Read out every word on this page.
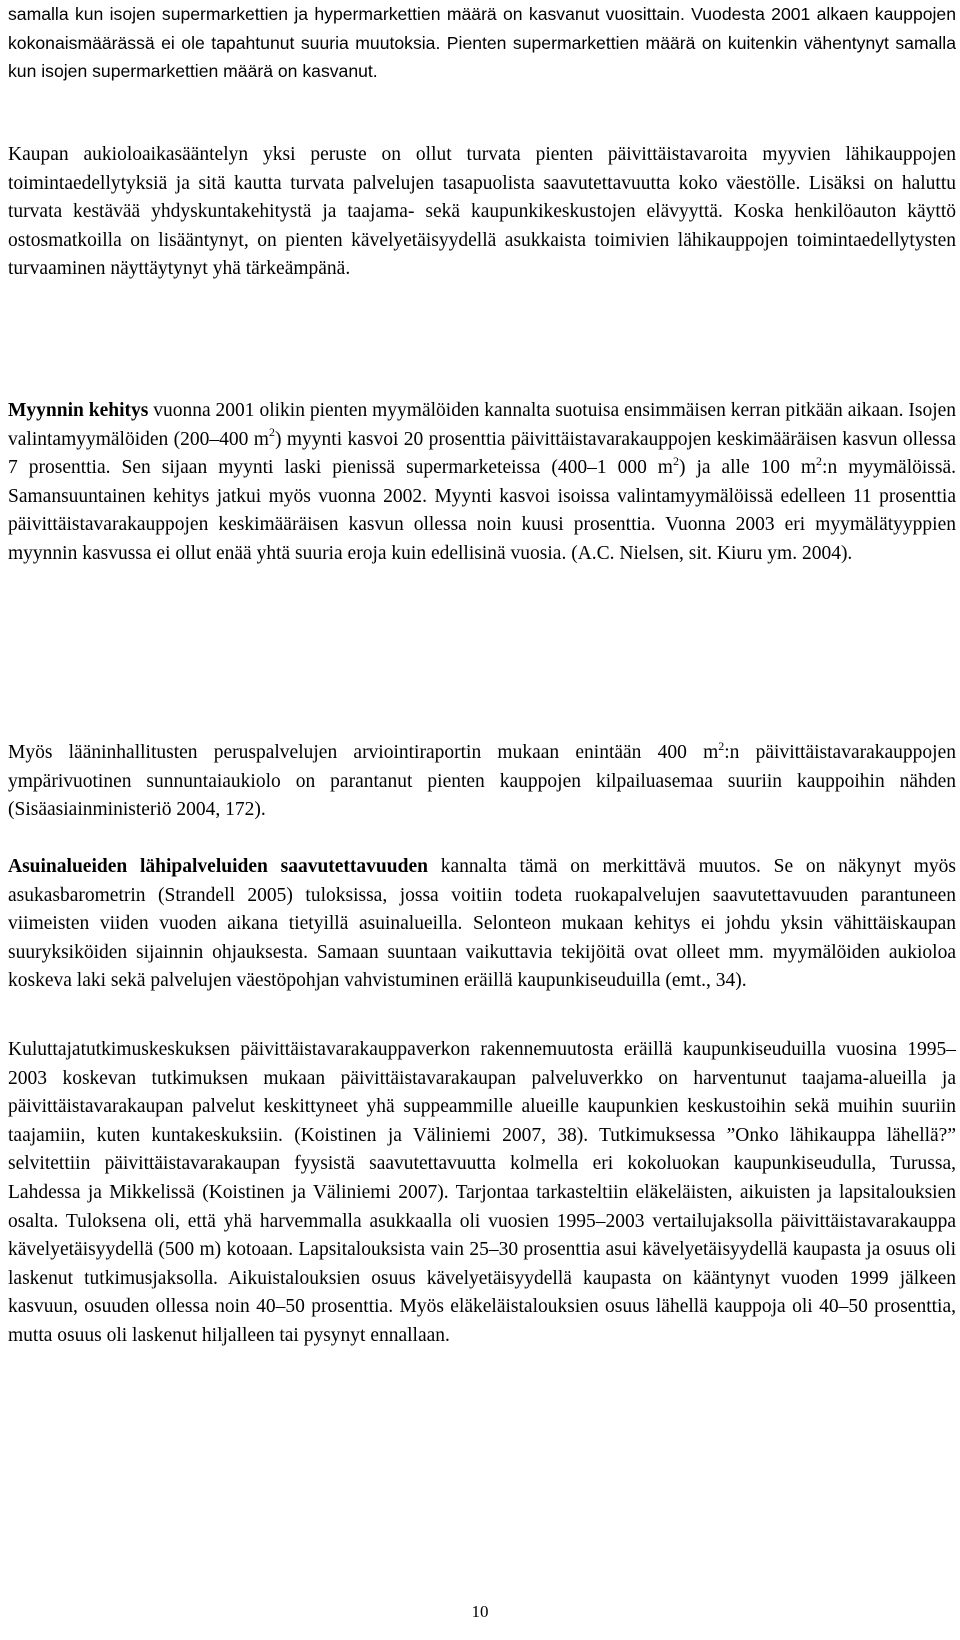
samalla kun isojen supermarkettien ja hypermarkettien määrä on kasvanut vuosittain. Vuodesta 2001 alkaen kauppojen kokonaismäärässä ei ole tapahtunut suuria muutoksia. Pienten supermarkettien määrä on kuitenkin vähentynyt samalla kun isojen supermarkettien määrä on kasvanut.

Kaupan aukioloaikasääntelyn yksi peruste on ollut turvata pienten päivittäistavaroita myyvien lähikauppojen toimintaedellytyksiä ja sitä kautta turvata palvelujen tasapuolista saavutettavuutta koko väestölle. Lisäksi on haluttu turvata kestävää yhdyskuntakehitystä ja taajama- sekä kaupunkikeskustojen elävyyttä. Koska henkilöauton käyttö ostosmatkoilla on lisääntynyt, on pienten kävelyetäisyydellä asukkaista toimivien lähikauppojen toimintaedellytysten turvaaminen näyttäytynyt yhä tärkeämpänä.

Myynnin kehitys vuonna 2001 olikin pienten myymälöiden kannalta suotuisa ensimmäisen kerran pitkään aikaan. Isojen valintamyymälöiden (200–400 $m^2$) myynti kasvoi 20 prosenttia päivittäistavarakauppojen keskimääräisen kasvun ollessa 7 prosenttia. Sen sijaan myynti laski pienissä supermarketeissa (400–1 000 $m^2$) ja alle 100 $m^2:n$ myymälöissä. Samansuuntainen kehitys jatkui myös vuonna 2002. Myynti kasvoi isoissa valintamyymälöissä edelleen 11 prosenttia päivittäistavarakauppojen keskimääräisen kasvun ollessa noin kuusi prosenttia. Vuonna 2003 eri myymälätyyppien myynnin kasvussa ei ollut enää yhtä suuria eroja kuin edellisinä vuosia. (A.C. Nielsen, sit. Kiuru ym. 2004).

Myös lääninhallitusten peruspalvelujen arviointiraportin mukaan enintään 400 $m^2:n$ päivittäistavarakauppojen ympärivuotinen sunnuntaiaukiolo on parantanut pienten kauppojen kilpailuasemaa suuriin kauppoihin nähden (Sisäasiainministeriö 2004, 172).

Asuinalueiden lähipalveluiden saavutettavuuden kannalta tämä on merkittävä muutos. Se on näkynyt myös asukasbarometrin (Strandell 2005) tuloksissa, jossa voitiin todeta ruokapalvelujen saavutettavuuden parantuneen viimeisten viiden vuoden aikana tietyillä asuinalueilla. Selonteon mukaan kehitys ei johdu yksin vähittäiskaupan suuryksiköiden sijainnin ohjauksesta. Samaan suuntaan vaikuttavia tekijöitä ovat olleet mm. myymälöiden aukioloa koskeva laki sekä palvelujen väestöpohjan vahvistuminen eräillä kaupunkiseuduilla (emt., 34).

Kuluttajatutkimuskeskuksen päivittäistavarakauppaverkon rakennemuutosta eräillä kaupunkiseuduilla vuosina 1995–2003 koskevan tutkimuksen mukaan päivittäistavarakaupan palveluverkko on harventunut taajama-alueilla ja päivittäistavarakaupan palvelut keskittyneet yhä suppeammille alueille kaupunkien keskustoihin sekä muihin suuriin taajamiin, kuten kuntakeskuksiin. (Koistinen ja Väliniemi 2007, 38). Tutkimuksessa ”Onko lähikauppa lähellä?” selvitettiin päivittäistavarakaupan fyysistä saavutettavuutta kolmella eri kokoluokan kaupunkiseudulla, Turussa, Lahdessa ja Mikkelissä (Koistinen ja Väliniemi 2007). Tarjontaa tarkasteltiin eläkeläisten, aikuisten ja lapsitalouksien osalta. Tuloksena oli, että yhä harvemmalla asukkaalla oli vuosien 1995–2003 vertailujaksolla päivittäistavarakauppa kävelyetäisyydellä (500 m) kotoaan. Lapsitalouksista vain 25–30 prosenttia asui kävelyetäisyydellä kaupasta ja osuus oli laskenut tutkimusjaksolla. Aikuistalouksien osuus kävelyetäisyydellä kaupasta on kääntynyt vuoden 1999 jälkeen kasvuun, osuuden ollessa noin 40–50 prosenttia. Myös eläkeläistalouksien osuus lähellä kauppoja oli 40–50 prosenttia, mutta osuus oli laskenut hiljalleen tai pysynyt ennallaan.

10
